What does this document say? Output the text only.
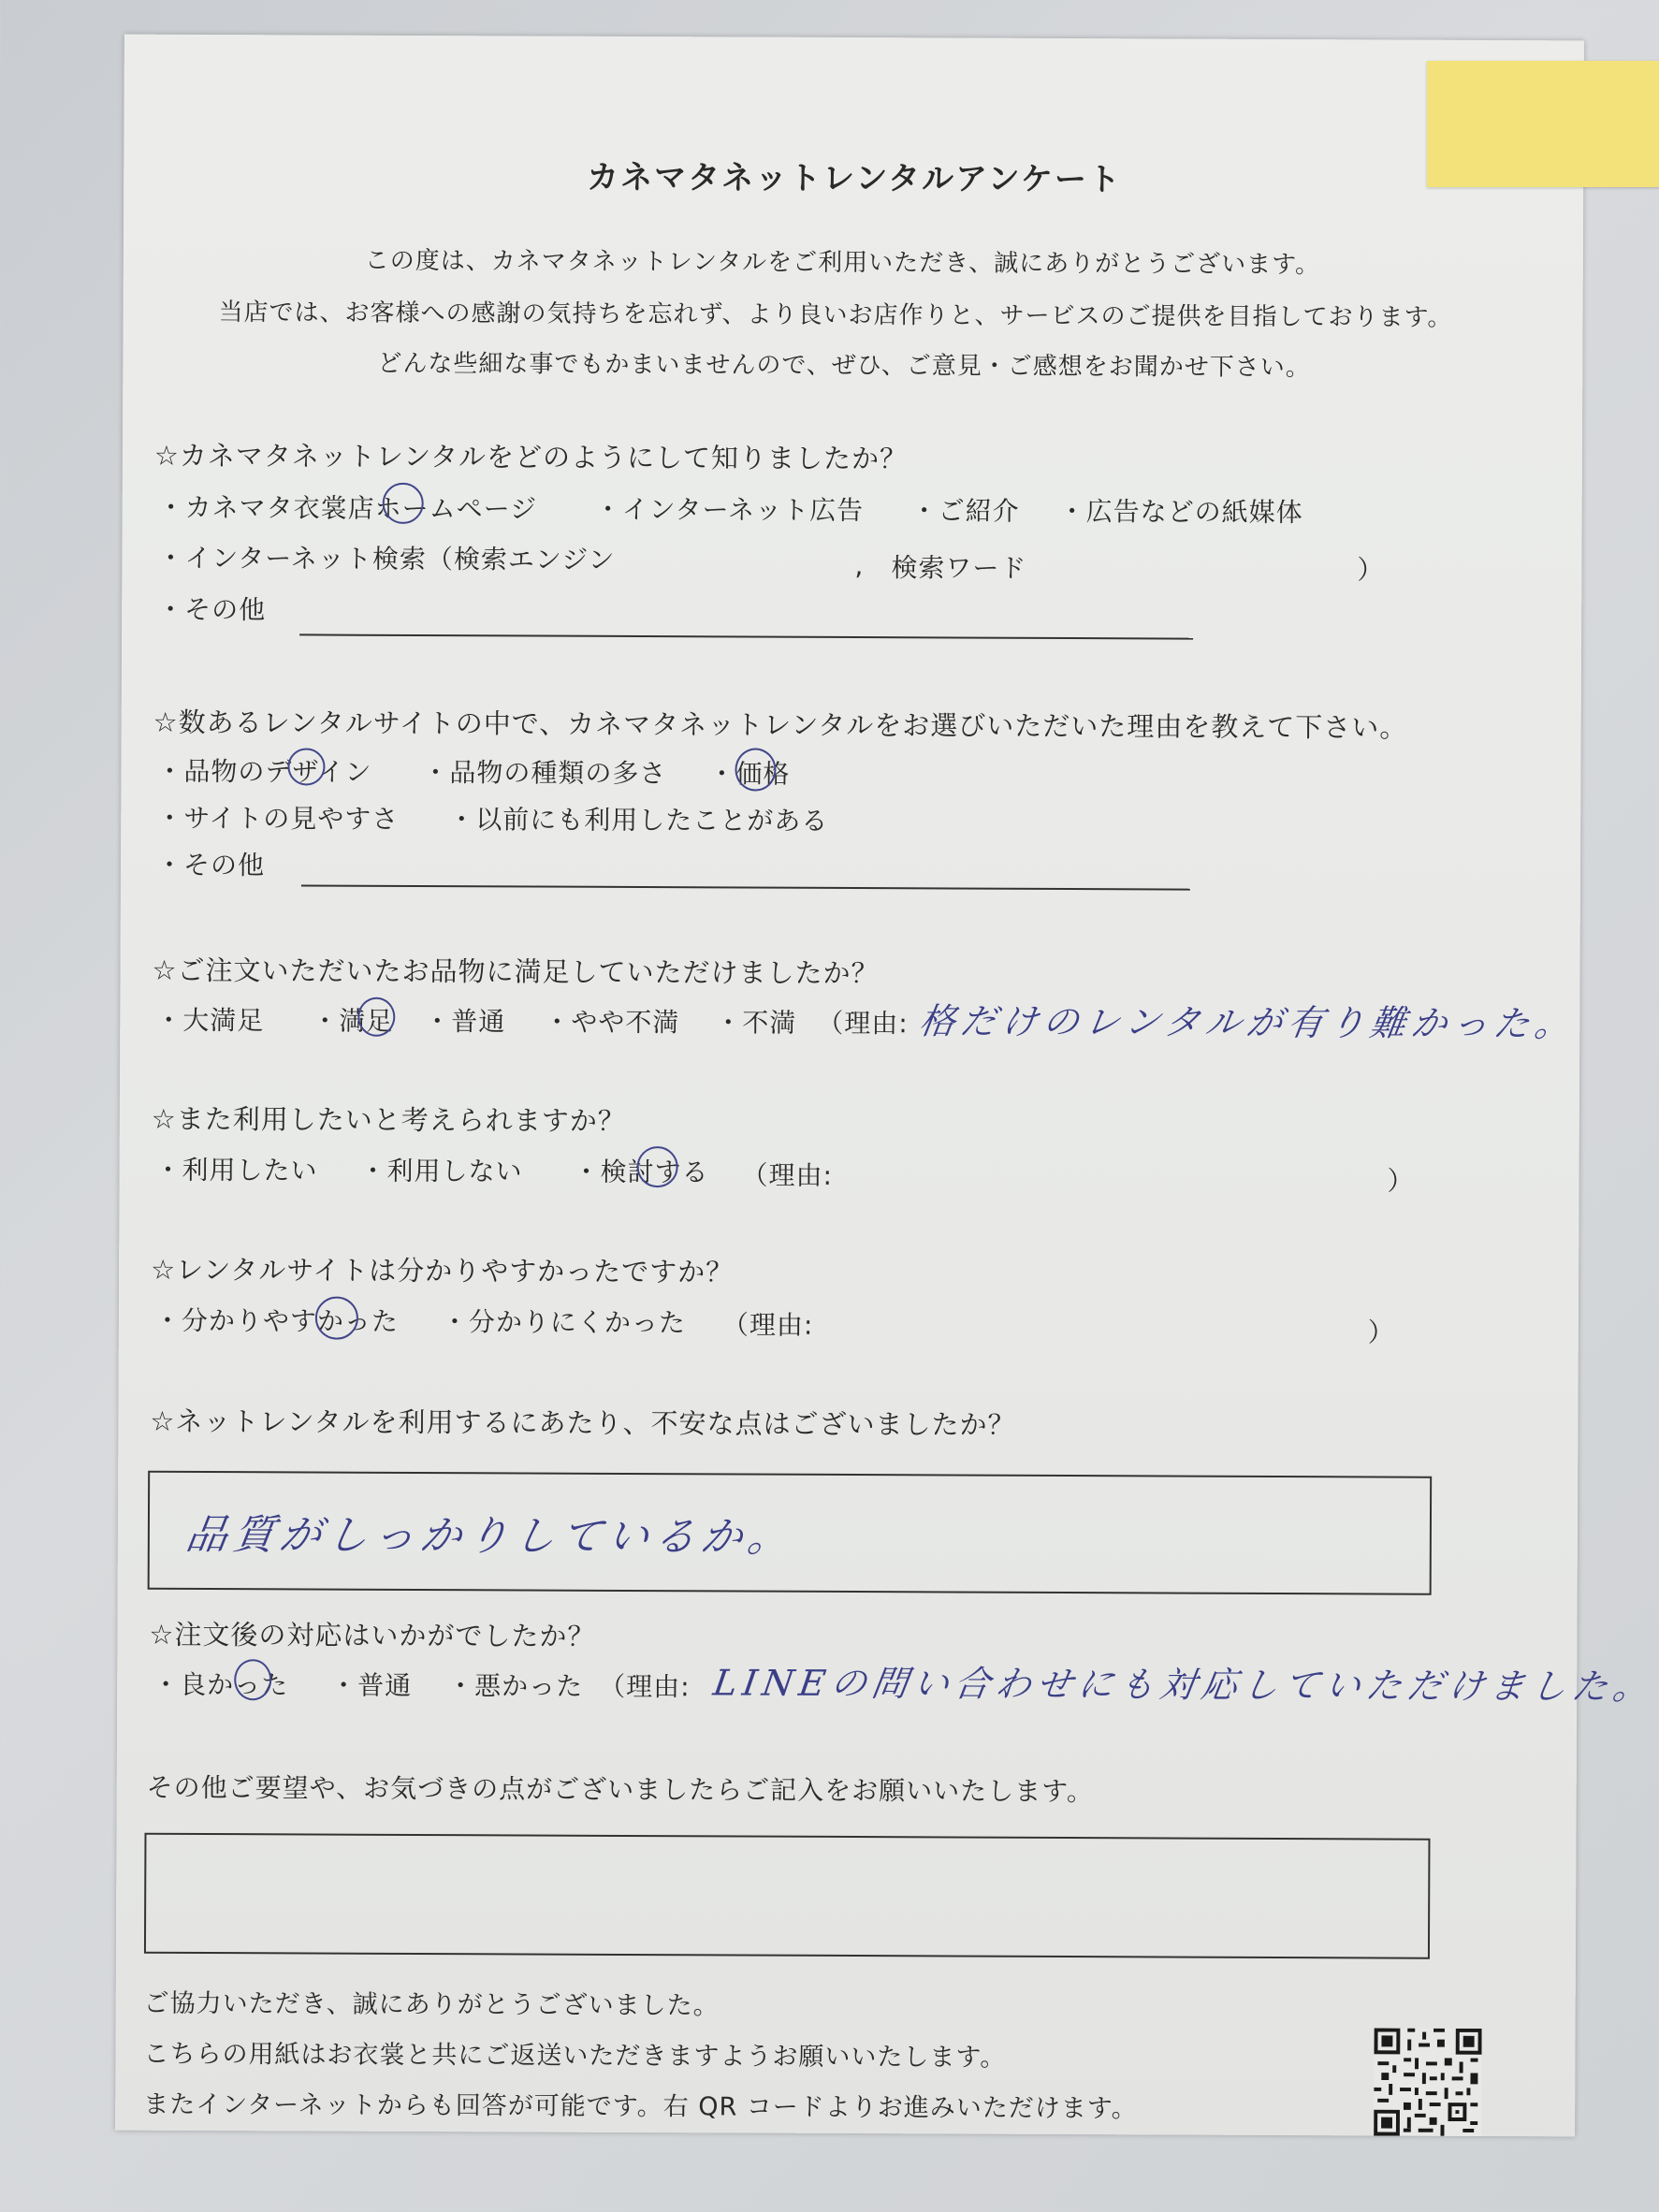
カネマタネットレンタルアンケート
この度は、カネマタネットレンタルをご利用いただき、誠にありがとうございます。
当店では、お客様への感謝の気持ちを忘れず、より良いお店作りと、サービスのご提供を目指しております。
どんな些細な事でもかまいませんので、ぜひ、ご意見・ご感想をお聞かせ下さい。
☆カネマタネットレンタルをどのようにして知りましたか？
・カネマタ衣裳店ホームページ ・インターネット広告 ・ご紹介 ・広告などの紙媒体
・インターネット検索（検索エンジン	, 検索ワード	）
・その他
☆数あるレンタルサイトの中で、カネマタネットレンタルをお選びいただいた理由を教えて下さい。
・品物のデザイン ・品物の種類の多さ ・価格
・サイトの見やすさ ・以前にも利用したことがある
・その他
☆ご注文いただいたお品物に満足していただけましたか？
・大満足 ・満足 ・普通 ・やや不満 ・不満 （理由: 格だけのレンタルが有り難かった。
☆また利用したいと考えられますか？
・利用したい ・利用しない ・検討する （理由:	）
☆レンタルサイトは分かりやすかったですか？
・分かりやすかった ・分かりにくかった （理由:	）
☆ネットレンタルを利用するにあたり、不安な点はございましたか？
品質がしっかりしているか。
☆注文後の対応はいかがでしたか？
・良かった ・普通 ・悪かった （理由: LINEの問い合わせにも対応していただけました。
その他ご要望や、お気づきの点がございましたらご記入をお願いいたします。
ご協力いただき、誠にありがとうございました。
こちらの用紙はお衣裳と共にご返送いただきますようお願いいたします。
またインターネットからも回答が可能です。右 QR コードよりお進みいただけます。
